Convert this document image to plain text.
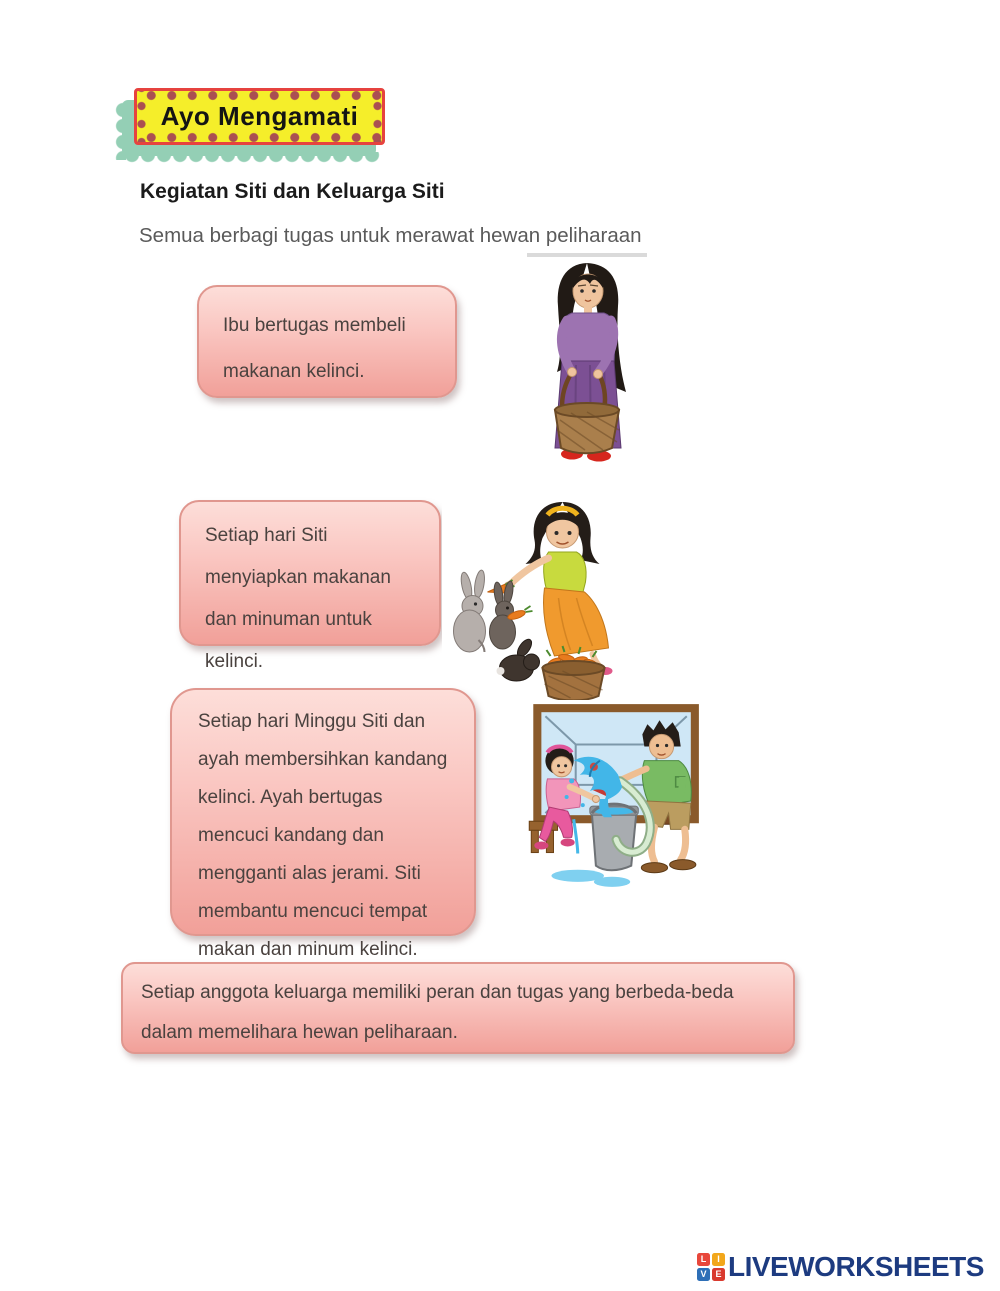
Ayo Mengamati
Kegiatan Siti dan Keluarga Siti
Semua berbagi tugas untuk merawat hewan peliharaan

Ibu bertugas membeli makanan kelinci.

Setiap hari Siti menyiapkan makanan dan minuman untuk kelinci.

Setiap hari Minggu Siti dan ayah membersihkan kandang kelinci. Ayah bertugas mencuci kandang dan mengganti alas jerami. Siti membantu mencuci tempat makan dan minum kelinci.

Setiap anggota keluarga memiliki peran dan tugas yang berbeda-beda dalam memelihara hewan peliharaan.

L	I
V E LIVEWORKSHEETS
